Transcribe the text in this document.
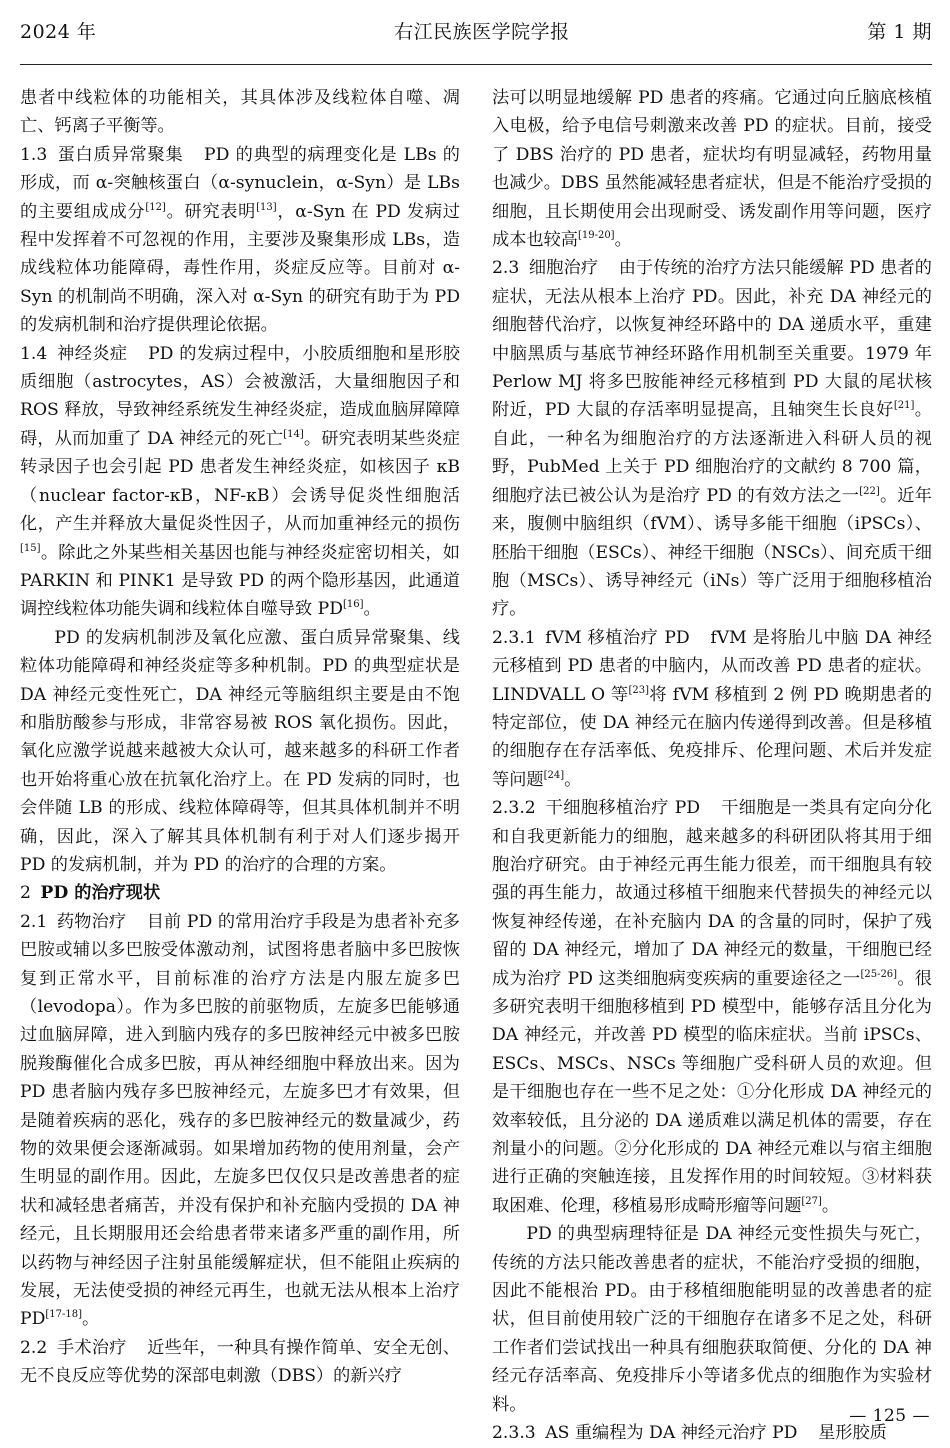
2024 年	右江民族医学院学报	第 1 期

患者中线粒体的功能相关，其具体涉及线粒体自噬、凋亡、钙离子平衡等。

1.3 蛋白质异常聚集 PD 的典型的病理变化是 LBs 的形成，而 α-突触核蛋白（α-synuclein，α-Syn）是 LBs 的主要组成成分[12]。研究表明[13]，α-Syn 在 PD 发病过程中发挥着不可忽视的作用，主要涉及聚集形成 LBs，造成线粒体功能障碍，毒性作用，炎症反应等。目前对 α-Syn 的机制尚不明确，深入对 α-Syn 的研究有助于为 PD 的发病机制和治疗提供理论依据。

1.4 神经炎症 PD 的发病过程中，小胶质细胞和星形胶质细胞（astrocytes，AS）会被激活，大量细胞因子和 ROS 释放，导致神经系统发生神经炎症，造成血脑屏障障碍，从而加重了 DA 神经元的死亡[14]。研究表明某些炎症转录因子也会引起 PD 患者发生神经炎症，如核因子 κB（nuclear factor-κB，NF-κB）会诱导促炎性细胞活化，产生并释放大量促炎性因子，从而加重神经元的损伤[15]。除此之外某些相关基因也能与神经炎症密切相关，如 PARKIN 和 PINK1 是导致 PD 的两个隐形基因，此通道调控线粒体功能失调和线粒体自噬导致 PD[16]。

PD 的发病机制涉及氧化应激、蛋白质异常聚集、线粒体功能障碍和神经炎症等多种机制。PD 的典型症状是 DA 神经元变性死亡，DA 神经元等脑组织主要是由不饱和脂肪酸参与形成，非常容易被 ROS 氧化损伤。因此，氧化应激学说越来越被大众认可，越来越多的科研工作者也开始将重心放在抗氧化治疗上。在 PD 发病的同时，也会伴随 LB 的形成、线粒体障碍等，但其具体机制并不明确，因此，深入了解其具体机制有利于对人们逐步揭开 PD 的发病机制，并为 PD 的治疗的合理的方案。

2 PD 的治疗现状

2.1 药物治疗 目前 PD 的常用治疗手段是为患者补充多巴胺或辅以多巴胺受体激动剂，试图将患者脑中多巴胺恢复到正常水平，目前标准的治疗方法是内服左旋多巴（levodopa）。作为多巴胺的前驱物质，左旋多巴能够通过血脑屏障，进入到脑内残存的多巴胺神经元中被多巴胺脱羧酶催化合成多巴胺，再从神经细胞中释放出来。因为 PD 患者脑内残存多巴胺神经元，左旋多巴才有效果，但是随着疾病的恶化，残存的多巴胺神经元的数量减少，药物的效果便会逐渐减弱。如果增加药物的使用剂量，会产生明显的副作用。因此，左旋多巴仅仅只是改善患者的症状和减轻患者痛苦，并没有保护和补充脑内受损的 DA 神经元，且长期服用还会给患者带来诸多严重的副作用，所以药物与神经因子注射虽能缓解症状，但不能阻止疾病的发展，无法使受损的神经元再生，也就无法从根本上治疗 PD[17-18]。

2.2 手术治疗 近些年，一种具有操作简单、安全无创、无不良反应等优势的深部电刺激（DBS）的新兴疗

法可以明显地缓解 PD 患者的疼痛。它通过向丘脑底核植入电极，给予电信号刺激来改善 PD 的症状。目前，接受了 DBS 治疗的 PD 患者，症状均有明显减轻，药物用量也减少。DBS 虽然能减轻患者症状，但是不能治疗受损的细胞，且长期使用会出现耐受、诱发副作用等问题，医疗成本也较高[19-20]。

2.3 细胞治疗 由于传统的治疗方法只能缓解 PD 患者的症状，无法从根本上治疗 PD。因此，补充 DA 神经元的细胞替代治疗，以恢复神经环路中的 DA 递质水平，重建中脑黑质与基底节神经环路作用机制至关重要。1979 年 Perlow MJ 将多巴胺能神经元移植到 PD 大鼠的尾状核附近，PD 大鼠的存活率明显提高，且轴突生长良好[21]。自此，一种名为细胞治疗的方法逐渐进入科研人员的视野，PubMed 上关于 PD 细胞治疗的文献约 8 700 篇，细胞疗法已被公认为是治疗 PD 的有效方法之一[22]。近年来，腹侧中脑组织（fVM）、诱导多能干细胞（iPSCs）、胚胎干细胞（ESCs）、神经干细胞（NSCs）、间充质干细胞（MSCs）、诱导神经元（iNs）等广泛用于细胞移植治疗。

2.3.1 fVM 移植治疗 PD fVM 是将胎儿中脑 DA 神经元移植到 PD 患者的中脑内，从而改善 PD 患者的症状。LINDVALL O 等[23]将 fVM 移植到 2 例 PD 晚期患者的特定部位，使 DA 神经元在脑内传递得到改善。但是移植的细胞存在存活率低、免疫排斥、伦理问题、术后并发症等问题[24]。

2.3.2 干细胞移植治疗 PD 干细胞是一类具有定向分化和自我更新能力的细胞，越来越多的科研团队将其用于细胞治疗研究。由于神经元再生能力很差，而干细胞具有较强的再生能力，故通过移植干细胞来代替损失的神经元以恢复神经传递，在补充脑内 DA 的含量的同时，保护了残留的 DA 神经元，增加了 DA 神经元的数量，干细胞已经成为治疗 PD 这类细胞病变疾病的重要途径之一[25-26]。很多研究表明干细胞移植到 PD 模型中，能够存活且分化为 DA 神经元，并改善 PD 模型的临床症状。当前 iPSCs、ESCs、MSCs、NSCs 等细胞广受科研人员的欢迎。但是干细胞也存在一些不足之处：①分化形成 DA 神经元的效率较低，且分泌的 DA 递质难以满足机体的需要，存在剂量小的问题。②分化形成的 DA 神经元难以与宿主细胞进行正确的突触连接，且发挥作用的时间较短。③材料获取困难、伦理，移植易形成畸形瘤等问题[27]。

PD 的典型病理特征是 DA 神经元变性损失与死亡，传统的方法只能改善患者的症状，不能治疗受损的细胞，因此不能根治 PD。由于移植细胞能明显的改善患者的症状，但目前使用较广泛的干细胞存在诸多不足之处，科研工作者们尝试找出一种具有细胞获取简便、分化的 DA 神经元存活率高、免疫排斥小等诸多优点的细胞作为实验材料。

2.3.3 AS 重编程为 DA 神经元治疗 PD 星形胶质

— 125 —
